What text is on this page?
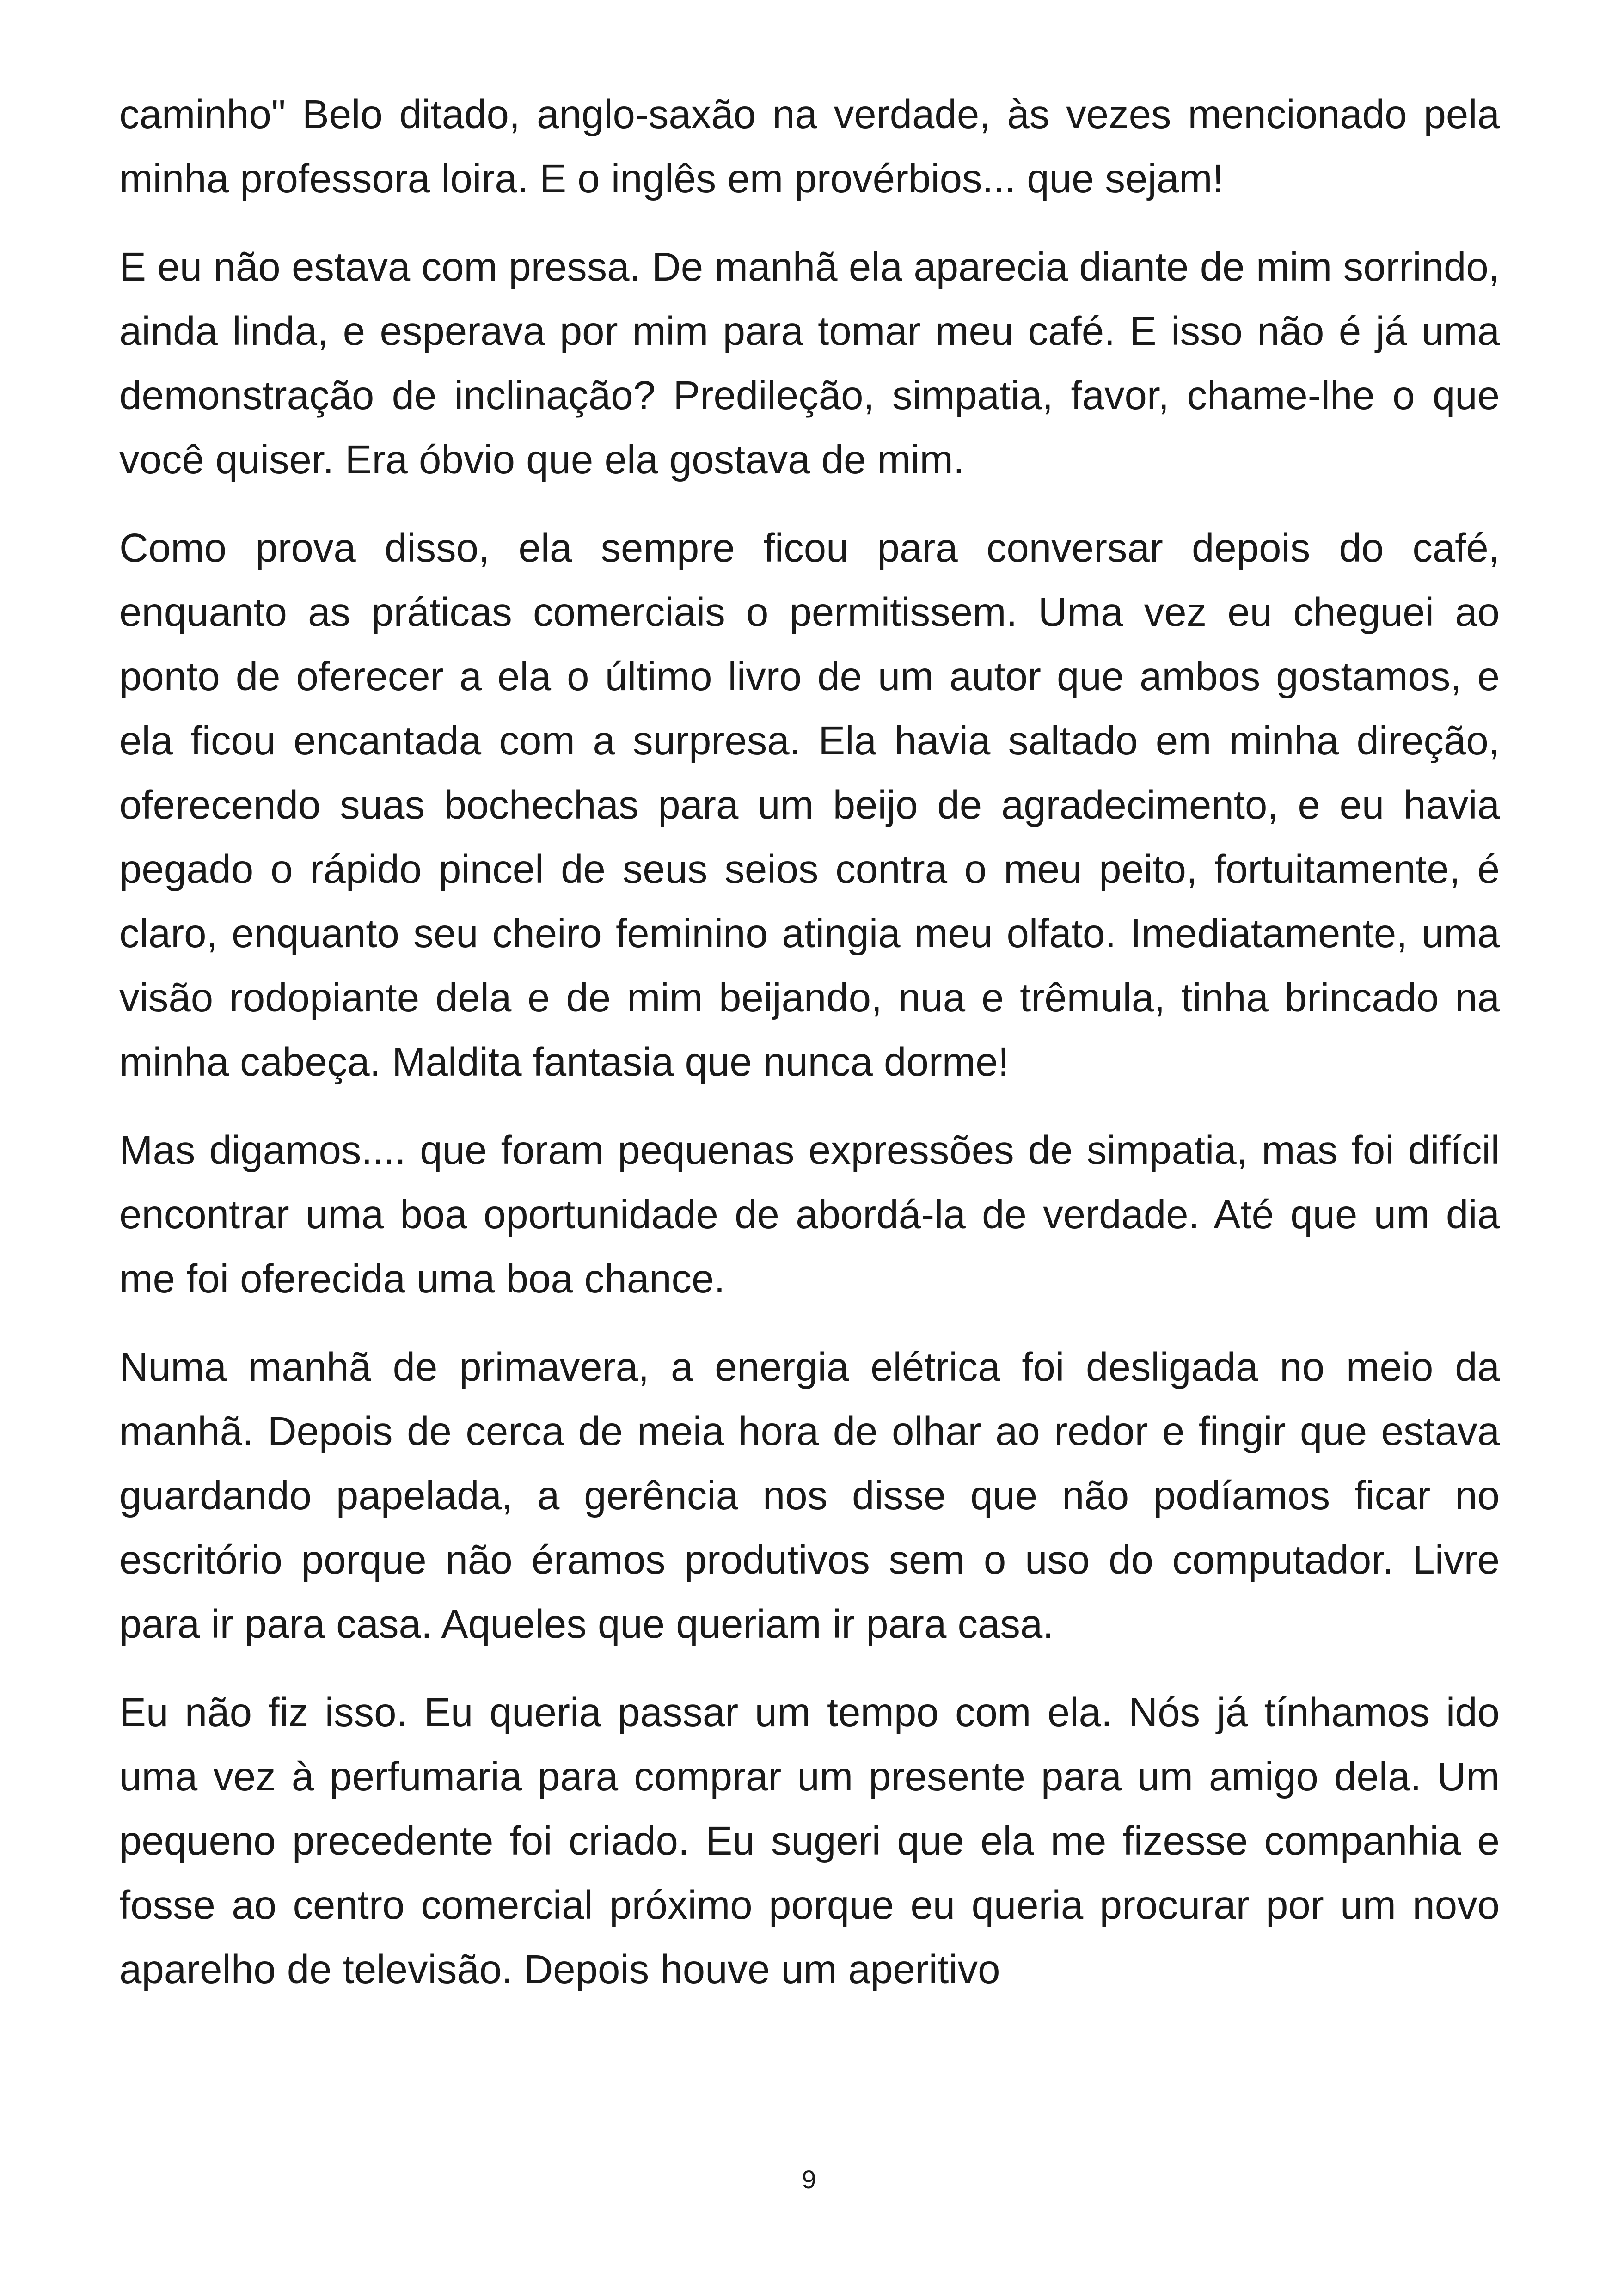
caminho" Belo ditado, anglo-saxão na verdade, às vezes mencionado pela minha professora loira. E o inglês em provérbios... que sejam!

E eu não estava com pressa. De manhã ela aparecia diante de mim sorrindo, ainda linda, e esperava por mim para tomar meu café. E isso não é já uma demonstração de inclinação? Predileção, simpatia, favor, chame-lhe o que você quiser. Era óbvio que ela gostava de mim.

Como prova disso, ela sempre ficou para conversar depois do café, enquanto as práticas comerciais o permitissem. Uma vez eu cheguei ao ponto de oferecer a ela o último livro de um autor que ambos gostamos, e ela ficou encantada com a surpresa. Ela havia saltado em minha direção, oferecendo suas bochechas para um beijo de agradecimento, e eu havia pegado o rápido pincel de seus seios contra o meu peito, fortuitamente, é claro, enquanto seu cheiro feminino atingia meu olfato. Imediatamente, uma visão rodopiante dela e de mim beijando, nua e trêmula, tinha brincado na minha cabeça. Maldita fantasia que nunca dorme!

Mas digamos.... que foram pequenas expressões de simpatia, mas foi difícil encontrar uma boa oportunidade de abordá-la de verdade. Até que um dia me foi oferecida uma boa chance.

Numa manhã de primavera, a energia elétrica foi desligada no meio da manhã. Depois de cerca de meia hora de olhar ao redor e fingir que estava guardando papelada, a gerência nos disse que não podíamos ficar no escritório porque não éramos produtivos sem o uso do computador. Livre para ir para casa. Aqueles que queriam ir para casa.

Eu não fiz isso. Eu queria passar um tempo com ela. Nós já tínhamos ido uma vez à perfumaria para comprar um presente para um amigo dela. Um pequeno precedente foi criado. Eu sugeri que ela me fizesse companhia e fosse ao centro comercial próximo porque eu queria procurar por um novo aparelho de televisão. Depois houve um aperitivo

9
